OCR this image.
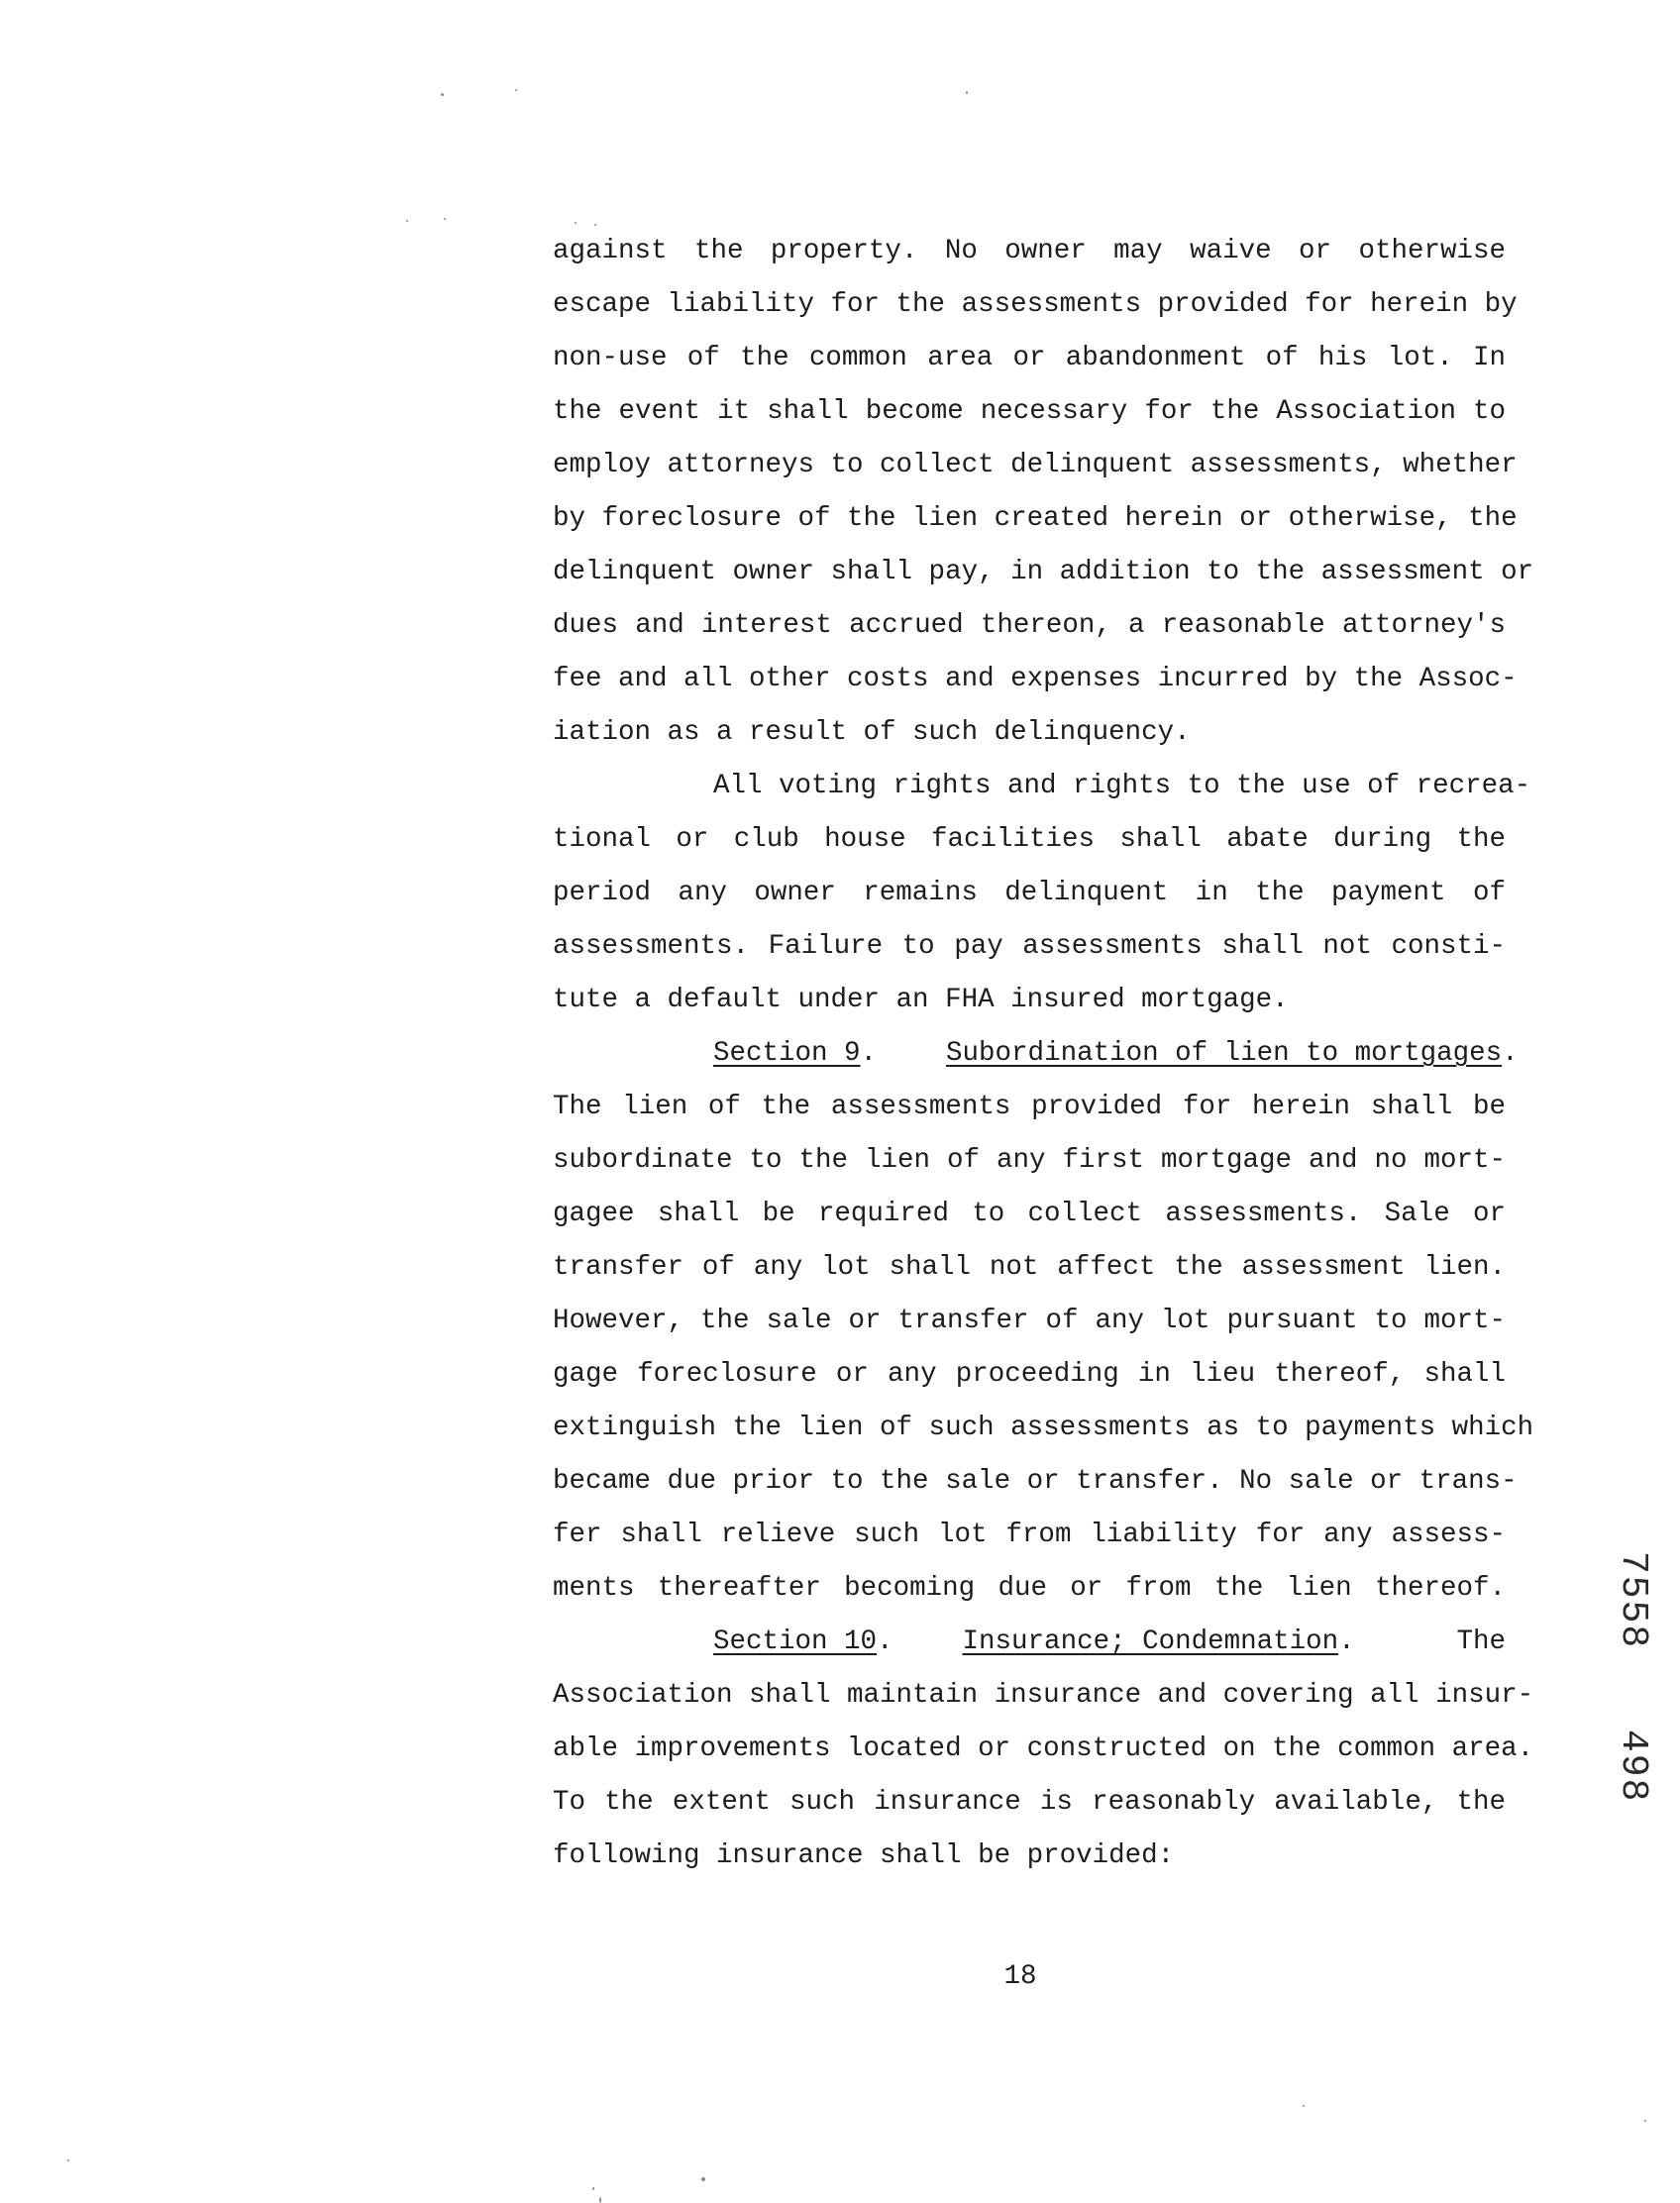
against the property. No owner may waive or otherwise
escape liability for the assessments provided for herein by
non-use of the common area or abandonment of his lot. In
the event it shall become necessary for the Association to
employ attorneys to collect delinquent assessments, whether
by foreclosure of the lien created herein or otherwise, the
delinquent owner shall pay, in addition to the assessment or
dues and interest accrued thereon, a reasonable attorney's
fee and all other costs and expenses incurred by the Assoc-
iation as a result of such delinquency.
All voting rights and rights to the use of recrea-
tional or club house facilities shall abate during the
period any owner remains delinquent in the payment of
assessments. Failure to pay assessments shall not consti-
tute a default under an FHA insured mortgage.
Section 9.	Subordination of lien to mortgages.
The lien of the assessments provided for herein shall be
subordinate to the lien of any first mortgage and no mort-
gagee shall be required to collect assessments. Sale or
transfer of any lot shall not affect the assessment lien.
However, the sale or transfer of any lot pursuant to mort-
gage foreclosure or any proceeding in lieu thereof, shall
extinguish the lien of such assessments as to payments which
became due prior to the sale or transfer. No sale or trans-
fer shall relieve such lot from liability for any assess-
ments thereafter becoming due or from the lien thereof.
Section 10.	Insurance; Condemnation.	The
Association shall maintain insurance and covering all insur-
able improvements located or constructed on the common area.
To the extent such insurance is reasonably available, the
following insurance shall be provided:
18
7558
498
